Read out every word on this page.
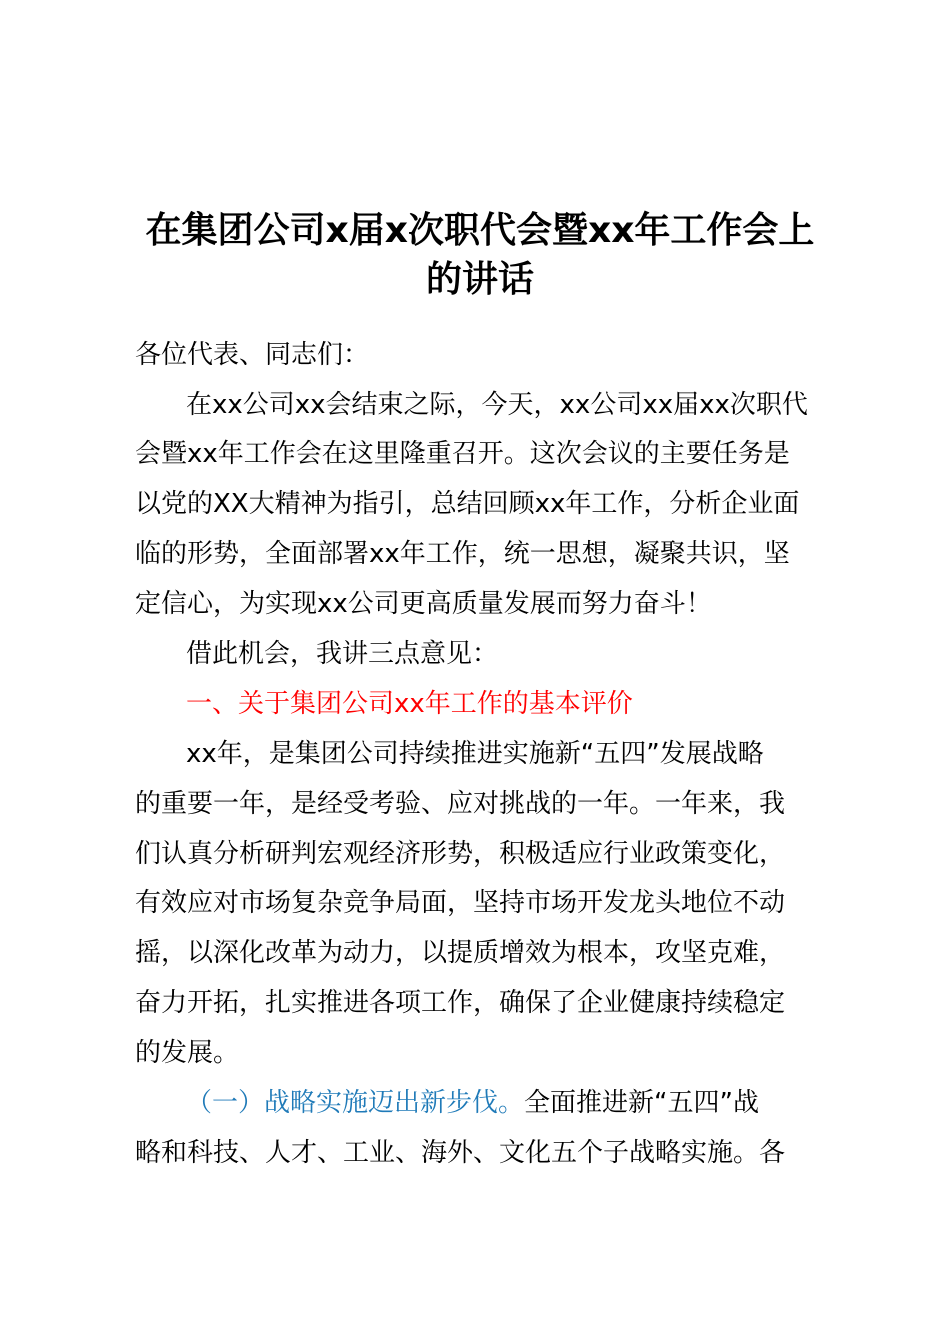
在集团公司x届x次职代会暨xx年工作会上
的讲话
各位代表、同志们：
在xx公司xx会结束之际，今天，xx公司xx届xx次职代
会暨xx年工作会在这里隆重召开。这次会议的主要任务是
以党的XX大精神为指引，总结回顾xx年工作，分析企业面
临的形势，全面部署xx年工作，统一思想，凝聚共识，坚
定信心，为实现xx公司更高质量发展而努力奋斗！
借此机会，我讲三点意见：
一、关于集团公司xx年工作的基本评价
xx年，是集团公司持续推进实施新“五四”发展战略
的重要一年，是经受考验、应对挑战的一年。一年来，我
们认真分析研判宏观经济形势，积极适应行业政策变化，
有效应对市场复杂竞争局面，坚持市场开发龙头地位不动
摇，以深化改革为动力，以提质增效为根本，攻坚克难，
奋力开拓，扎实推进各项工作，确保了企业健康持续稳定
的发展。
（一）战略实施迈出新步伐。全面推进新“五四”战
略和科技、人才、工业、海外、文化五个子战略实施。各
